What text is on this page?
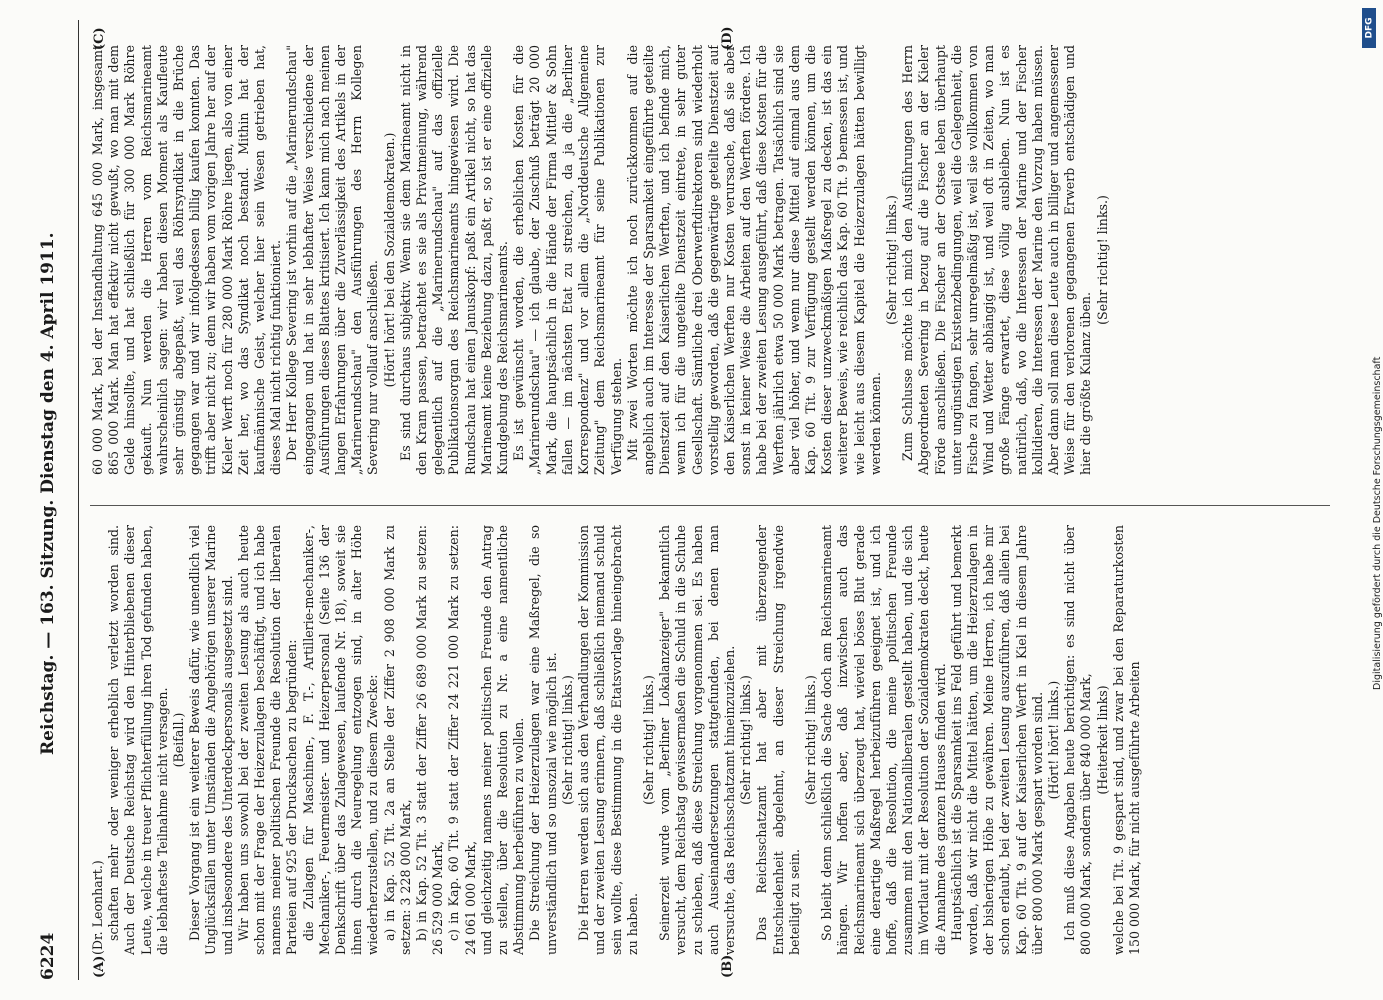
6224
Reichstag. — 163. Sitzung. Dienstag den 4. April 1911.
(A)	(B)
(C)	(D)

(Dr. Leonhart.) schaften mehr oder weniger erheblich verletzt worden sind. Auch der Deutsche Reichstag wird den Hinterbliebenen dieser Leute, welche in treuer Pflichterfüllung ihren Tod gefunden haben, die lebhafteste Teilnahme nicht versagen. (Beifall.) Dieser Vorgang ist ein weiterer Beweis dafür, wie unendlich viel Unglücksfällen unter Umständen die Angehörigen unserer Marine und insbesondere des Unterdeckpersonals ausgesetzt sind. Wir haben uns sowohl bei der zweiten Lesung als auch heute schon mit der Frage der Heizerzulagen beschäftigt, und ich habe namens meiner politischen Freunde die Resolution der liberalen Parteien auf 925 der Drucksachen zu begründen: die Zulagen für Maschinen-, F. T.-, Artillerie-mechaniker-, Mechaniker-, Feuermeister- und Heizerpersonal (Seite 136 der Denkschrift über das Zulagewesen, laufende Nr. 18), soweit sie ihnen durch die Neuregelung entzogen sind, in alter Höhe wiederherzustellen, und zu diesem Zwecke: a) in Kap. 52 Tit. 2a an Stelle der Ziffer 2 908 000 Mark zu setzen: 3 228 000 Mark, b) in Kap. 52 Tit. 3 statt der Ziffer 26 689 000 Mark zu setzen: 26 529 000 Mark, c) in Kap. 60 Tit. 9 statt der Ziffer 24 221 000 Mark zu setzen: 24 061 000 Mark, und gleichzeitig namens meiner politischen Freunde den Antrag zu stellen, über die Resolution zu Nr. a eine namentliche Abstimmung herbeiführen zu wollen. Die Streichung der Heizerzulagen war eine Maßregel, die so unverständlich und so unsozial wie möglich ist. (Sehr richtig! links.) Die Herren werden sich aus den Verhandlungen der Kommission und der zweiten Lesung erinnern, daß schließlich niemand schuld sein wollte, diese Bestimmung in die Etatsvorlage hineingebracht zu haben.

(Sehr richtig! links.) Seinerzeit wurde vom „Berliner Lokalanzeiger" bekanntlich versucht, dem Reichstag gewissermaßen die Schuld in die Schuhe zu schieben, daß diese Streichung vorgenommen sei. Es haben auch Auseinandersetzungen stattgefunden, bei denen man versuchte, das Reichsschatzamt hineinzuziehen. (Sehr richtig! links.) Das Reichsschatzamt hat aber mit überzeugender Entschiedenheit abgelehnt, an dieser Streichung irgendwie beteiligt zu sein.

(Sehr richtig! links.) So bleibt denn schließlich die Sache doch am Reichsmarineamt hängen. Wir hoffen aber, daß inzwischen auch das Reichsmarineamt sich überzeugt hat, wieviel böses Blut gerade eine derartige Maßregel herbeizuführen geeignet ist, und ich hoffe, daß die Resolution, die meine politischen Freunde zusammen mit den Nationalliberalen gestellt haben, und die sich im Wortlaut mit der Resolution der Sozialdemokraten deckt, heute die Annahme des ganzen Hauses finden wird. Hauptsächlich ist die Sparsamkeit ins Feld geführt und bemerkt worden, daß wir nicht die Mittel hätten, um die Heizerzulagen in der bisherigen Höhe zu gewähren. Meine Herren, ich habe mir schon erlaubt, bei der zweiten Lesung auszuführen, daß allein bei Kap. 60 Tit. 9 auf der Kaiserlichen Werft in Kiel in diesem Jahre über 800 000 Mark gespart worden sind. (Hört! hört! links.) Ich muß diese Angaben heute berichtigen: es sind nicht über 800 000 Mark, sondern über 840 000 Mark, (Heiterkeit links) welche bei Tit. 9 gespart sind, und zwar bei den Reparaturkosten 150 000 Mark, für nicht ausgeführte Arbeiten

60 000 Mark, bei der Instandhaltung 645 000 Mark, insgesamt 865 000 Mark. Man hat effektiv nicht gewußt, wo man mit dem Gelde hinsollte, und hat schließlich für 300 000 Mark Röhre gekauft. Nun werden die Herren vom Reichsmarineamt wahrscheinlich sagen: wir haben diesen Moment als Kaufleute sehr günstig abgepaßt, weil das Röhrsyndikat in die Brüche gegangen war und wir infolgedessen billig kaufen konnten. Das trifft aber nicht zu; denn wir haben vom vorigen Jahre her auf der Kieler Werft noch für 280 000 Mark Röhre liegen, also von einer Zeit her, wo das Syndikat noch bestand. Mithin hat der kaufmännische Geist, welcher hier sein Wesen getrieben hat, dieses Mal nicht richtig funktioniert. Der Herr Kollege Severing ist vorhin auf die „Marinerundschau" eingegangen und hat in sehr lebhafter Weise verschiedene der Ausführungen dieses Blattes kritisiert. Ich kann mich nach meinen langen Erfahrungen über die Zuverlässigkeit des Artikels in der „Marinerundschau" den Ausführungen des Herrn Kollegen Severing nur vollauf anschließen. (Hört! hört! bei den Sozialdemokraten.) Es sind durchaus subjektiv. Wenn sie dem Marineamt nicht in den Kram passen, betrachtet es sie als Privatmeinung, während gelegentlich auf die „Marinerundschau" auf das offizielle Publikationsorgan des Reichsmarineamts hingewiesen wird. Die Rundschau hat einen Januskopf: paßt ein Artikel nicht, so hat das Marineamt keine Beziehung dazu, paßt er, so ist er eine offizielle Kundgebung des Reichsmarineamts. Es ist gewünscht worden, die erheblichen Kosten für die „Marinerundschau" — ich glaube, der Zuschuß beträgt 20 000 Mark, die hauptsächlich in die Hände der Firma Mittler & Sohn fallen — im nächsten Etat zu streichen, da ja die „Berliner Korrespondenz" und vor allem die „Norddeutsche Allgemeine Zeitung" dem Reichsmarineamt für seine Publikationen zur Verfügung stehen. Mit zwei Worten möchte ich noch zurückkommen auf die angeblich auch im Interesse der Sparsamkeit eingeführte geteilte Dienstzeit auf den Kaiserlichen Werften, und ich befinde mich, wenn ich für die ungeteilte Dienstzeit eintrete, in sehr guter Gesellschaft. Sämtliche drei Oberwerftdirektoren sind wiederholt vorstellig geworden, daß die gegenwärtige geteilte Dienstzeit auf den Kaiserlichen Werften nur Kosten verursache, daß sie aber sonst in keiner Weise die Arbeiten auf den Werften fördere. Ich habe bei der zweiten Lesung ausgeführt, daß diese Kosten für die Werften jährlich etwa 50 000 Mark betragen. Tatsächlich sind sie aber viel höher, und wenn nur diese Mittel auf einmal aus dem Kap. 60 Tit. 9 zur Verfügung gestellt werden können, um die Kosten dieser unzweckmäßigen Maßregel zu decken, ist das ein weiterer Beweis, wie reichlich das Kap. 60 Tit. 9 bemessen ist, und wie leicht aus diesem Kapitel die Heizerzulagen hätten bewilligt werden können.

(Sehr richtig! links.) Zum Schlusse möchte ich mich den Ausführungen des Herrn Abgeordneten Severing in bezug auf die Fischer an der Kieler Förde anschließen. Die Fischer an der Ostsee leben überhaupt unter ungünstigen Existenzbedingungen, weil die Gelegenheit, die Fische zu fangen, sehr unregelmäßig ist, weil sie vollkommen von Wind und Wetter abhängig ist, und weil oft in Zeiten, wo man große Fänge erwartet, diese völlig ausbleiben. Nun ist es natürlich, daß, wo die Interessen der Marine und der Fischer kollidieren, die Interessen der Marine den Vorzug haben müssen. Aber dann soll man diese Leute auch in billiger und angemessener Weise für den verlorenen gegangenen Erwerb entschädigen und hier die größte Kulanz üben.

(Sehr richtig! links.)

DFG
Digitalisierung gefördert durch die Deutsche Forschungsgemeinschaft
